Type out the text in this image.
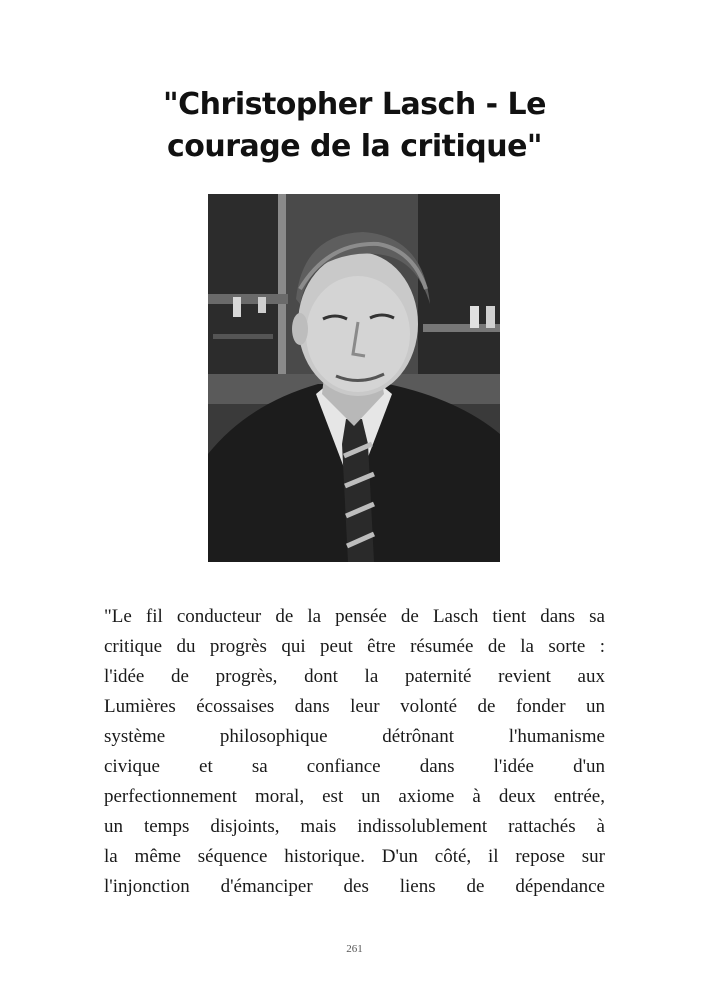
"Christopher Lasch - Le
courage de la critique"
"Le fil conducteur de la pensée de Lasch tient dans sa
critique du progrès qui peut être résumée de la sorte :
l'idée de progrès, dont la paternité revient aux
Lumières écossaises dans leur volonté de fonder un
système philosophique détrônant l'humanisme
civique et sa confiance dans l'idée d'un
perfectionnement moral, est un axiome à deux entrée,
un temps disjoints, mais indissolublement rattachés à
la même séquence historique. D'un côté, il repose sur
l'injonction d'émanciper des liens de dépendance
261
